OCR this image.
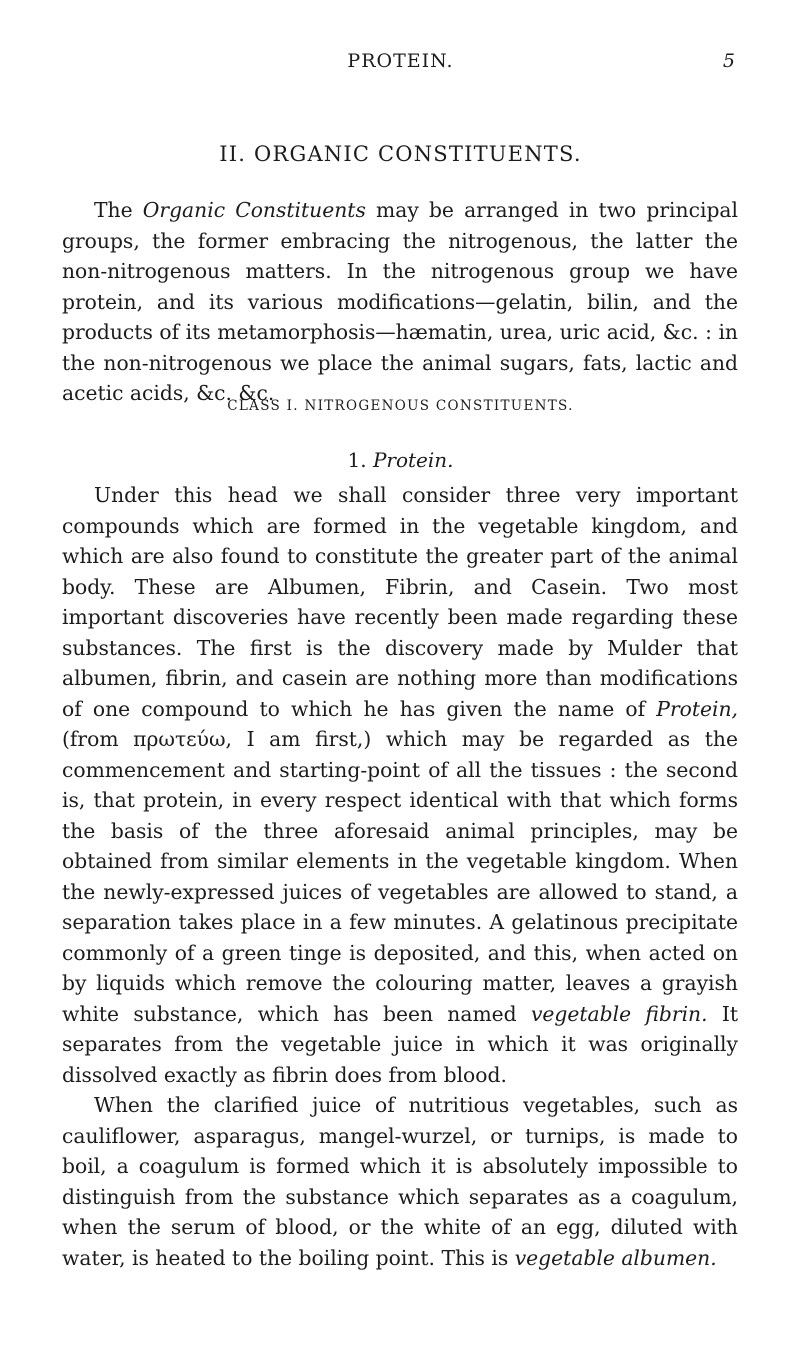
PROTEIN.	5
II. ORGANIC CONSTITUENTS.

The Organic Constituents may be arranged in two principal groups, the former embracing the nitrogenous, the latter the non-nitrogenous matters. In the nitrogenous group we have protein, and its various modifications—gelatin, bilin, and the products of its metamorphosis—hæmatin, urea, uric acid, &c. : in the non-nitrogenous we place the animal sugars, fats, lactic and acetic acids, &c. &c.

CLASS I. NITROGENOUS CONSTITUENTS.
1. Protein.

Under this head we shall consider three very important compounds which are formed in the vegetable kingdom, and which are also found to constitute the greater part of the animal body. These are Albumen, Fibrin, and Casein. Two most important discoveries have recently been made regarding these substances. The first is the discovery made by Mulder that albumen, fibrin, and casein are nothing more than modifications of one compound to which he has given the name of Protein, (from πρωτεύω, I am first,) which may be regarded as the commencement and starting-point of all the tissues : the second is, that protein, in every respect identical with that which forms the basis of the three aforesaid animal principles, may be obtained from similar elements in the vegetable kingdom. When the newly-expressed juices of vegetables are allowed to stand, a separation takes place in a few minutes. A gelatinous precipitate commonly of a green tinge is deposited, and this, when acted on by liquids which remove the colouring matter, leaves a grayish white substance, which has been named vegetable fibrin. It separates from the vegetable juice in which it was originally dissolved exactly as fibrin does from blood.

When the clarified juice of nutritious vegetables, such as cauliflower, asparagus, mangel-wurzel, or turnips, is made to boil, a coagulum is formed which it is absolutely impossible to distinguish from the substance which separates as a coagulum, when the serum of blood, or the white of an egg, diluted with water, is heated to the boiling point. This is vegetable albumen.
